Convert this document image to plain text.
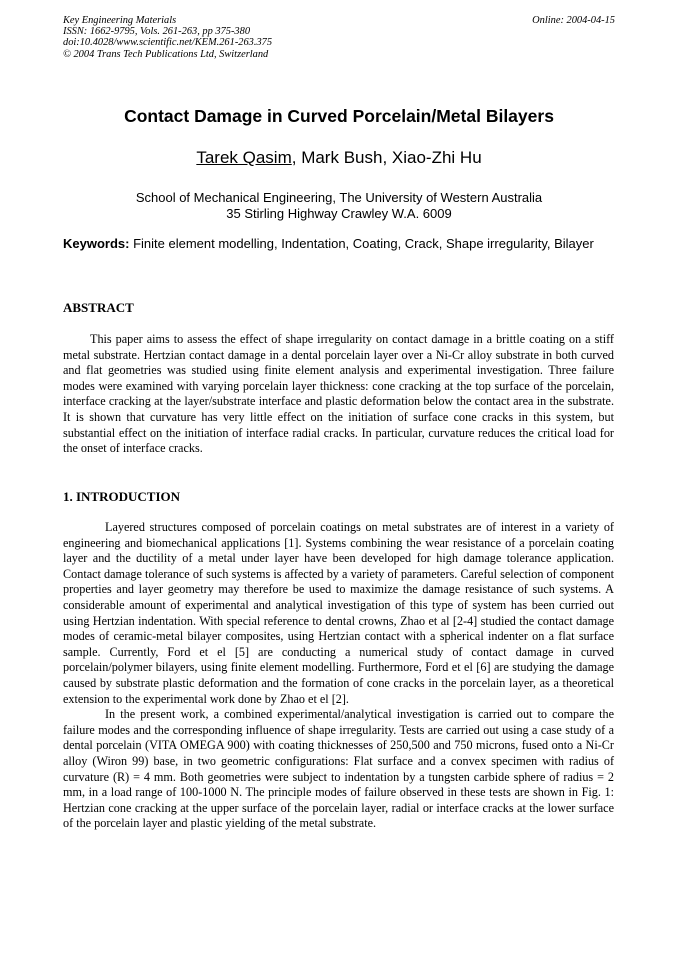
Key Engineering Materials
ISSN: 1662-9795, Vols. 261-263, pp 375-380
doi:10.4028/www.scientific.net/KEM.261-263.375
© 2004 Trans Tech Publications Ltd, Switzerland
Online: 2004-04-15
Contact Damage in Curved Porcelain/Metal Bilayers
Tarek Qasim, Mark Bush, Xiao-Zhi Hu
School of Mechanical Engineering, The University of Western Australia
35 Stirling Highway Crawley W.A. 6009
Keywords: Finite element modelling, Indentation, Coating, Crack, Shape irregularity, Bilayer
ABSTRACT

This paper aims to assess the effect of shape irregularity on contact damage in a brittle coating on a stiff metal substrate. Hertzian contact damage in a dental porcelain layer over a Ni-Cr alloy substrate in both curved and flat geometries was studied using finite element analysis and experimental investigation. Three failure modes were examined with varying porcelain layer thickness: cone cracking at the top surface of the porcelain, interface cracking at the layer/substrate interface and plastic deformation below the contact area in the substrate. It is shown that curvature has very little effect on the initiation of surface cone cracks in this system, but substantial effect on the initiation of interface radial cracks. In particular, curvature reduces the critical load for the onset of interface cracks.

1. INTRODUCTION

Layered structures composed of porcelain coatings on metal substrates are of interest in a variety of engineering and biomechanical applications [1]. Systems combining the wear resistance of a porcelain coating layer and the ductility of a metal under layer have been developed for high damage tolerance application. Contact damage tolerance of such systems is affected by a variety of parameters. Careful selection of component properties and layer geometry may therefore be used to maximize the damage resistance of such systems. A considerable amount of experimental and analytical investigation of this type of system has been curried out using Hertzian indentation. With special reference to dental crowns, Zhao et al [2-4] studied the contact damage modes of ceramic-metal bilayer composites, using Hertzian contact with a spherical indenter on a flat surface sample. Currently, Ford et el [5] are conducting a numerical study of contact damage in curved porcelain/polymer bilayers, using finite element modelling. Furthermore, Ford et el [6] are studying the damage caused by substrate plastic deformation and the formation of cone cracks in the porcelain layer, as a theoretical extension to the experimental work done by Zhao et el [2].

In the present work, a combined experimental/analytical investigation is carried out to compare the failure modes and the corresponding influence of shape irregularity. Tests are carried out using a case study of a dental porcelain (VITA OMEGA 900) with coating thicknesses of 250,500 and 750 microns, fused onto a Ni-Cr alloy (Wiron 99) base, in two geometric configurations: Flat surface and a convex specimen with radius of curvature (R) = 4 mm. Both geometries were subject to indentation by a tungsten carbide sphere of radius = 2 mm, in a load range of 100-1000 N. The principle modes of failure observed in these tests are shown in Fig. 1: Hertzian cone cracking at the upper surface of the porcelain layer, radial or interface cracks at the lower surface of the porcelain layer and plastic yielding of the metal substrate.
